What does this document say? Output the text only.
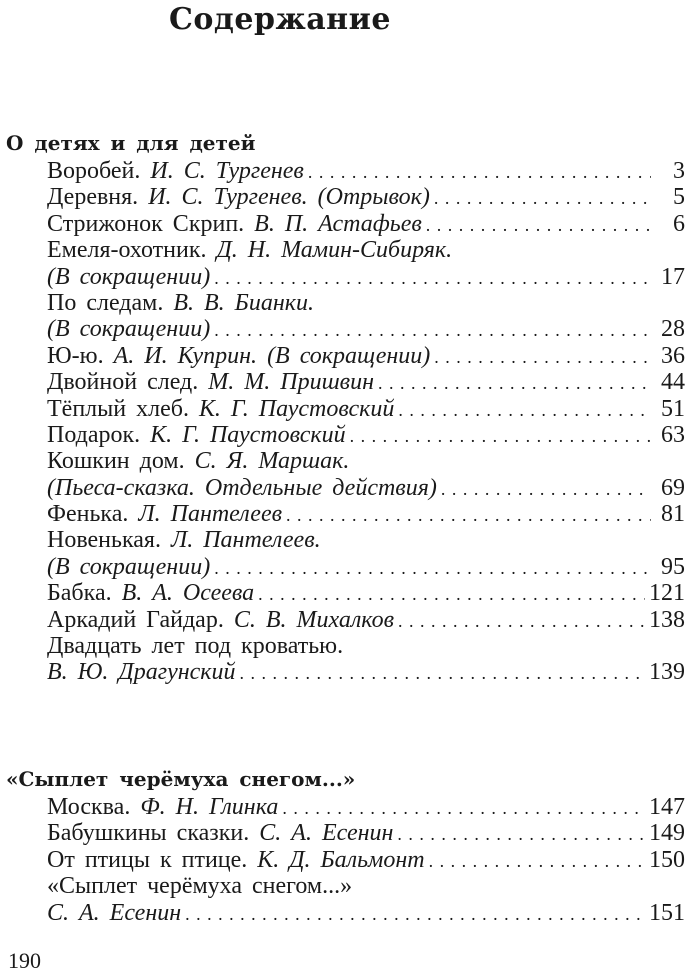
Содержание
О детях и для детей
Воробей. И. С. Тургенев . . .	3
Деревня. И. С. Тургенев. (Отрывок) . . .	5
Стрижонок Скрип. В. П. Астафьев . . .	6
Емеля-охотник. Д. Н. Мамин-Сибиряк.
(В сокращении) . . .	17
По следам. В. В. Бианки.
(В сокращении) . . .	28
Ю-ю. А. И. Куприн. (В сокращении) . . .	36
Двойной след. М. М. Пришвин . . .	44
Тёплый хлеб. К. Г. Паустовский . . .	51
Подарок. К. Г. Паустовский . . .	63
Кошкин дом. С. Я. Маршак.
(Пьеса-сказка. Отдельные действия) . . .	69
Фенька. Л. Пантелеев . . .	81
Новенькая. Л. Пантелеев.
(В сокращении) . . .	95
Бабка. В. А. Осеева . . .	121
Аркадий Гайдар. С. В. Михалков . . .	138
Двадцать лет под кроватью.
В. Ю. Драгунский . . .	139
«Сыплет черёмуха снегом...»
Москва. Ф. Н. Глинка . . .	147
Бабушкины сказки. С. А. Есенин . . .	149
От птицы к птице. К. Д. Бальмонт . . .	150
«Сыплет черёмуха снегом...»
С. А. Есенин . . .	151
190
